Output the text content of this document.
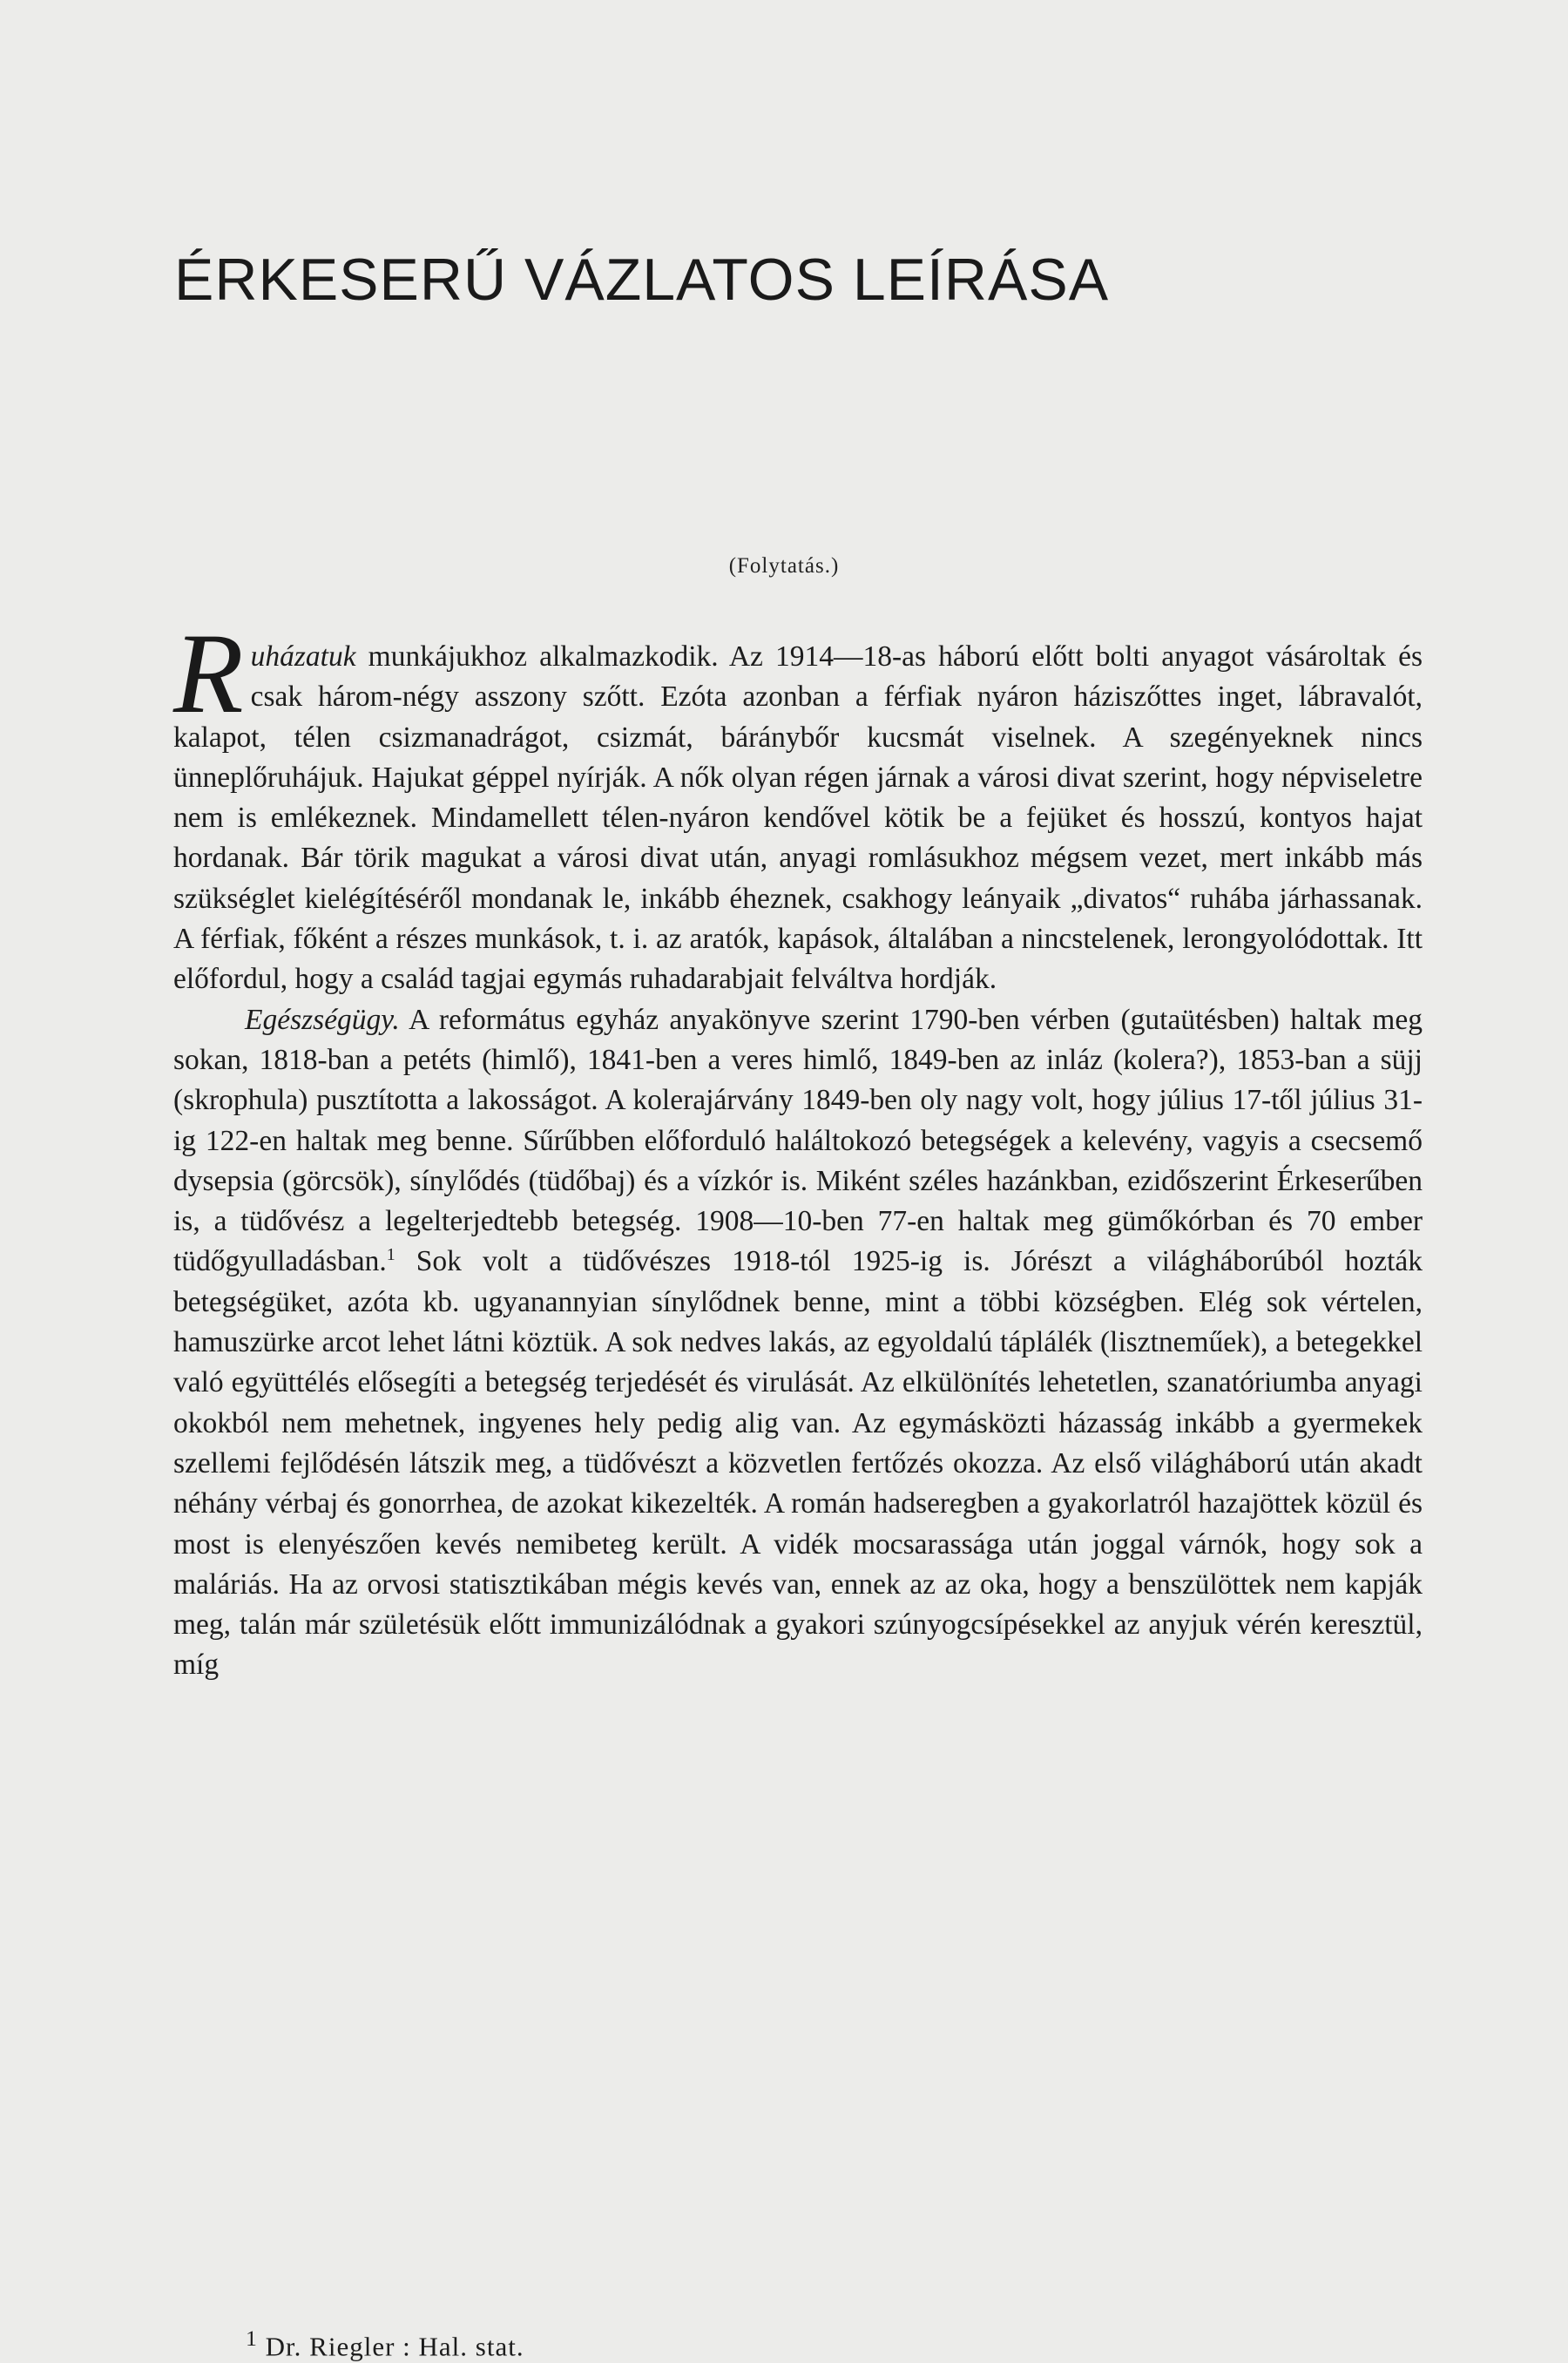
ÉRKESERŰ VÁZLATOS LEÍRÁSA
(Folytatás.)

Ruházatuk munkájukhoz alkalmazkodik. Az 1914—18-as háború előtt bolti anyagot vásároltak és csak három-négy asszony szőtt. Ezóta azonban a férfiak nyáron háziszőttes inget, lábravalót, kalapot, télen csizmanadrágot, csizmát, báránybőr kucsmát viselnek. A szegényeknek nincs ünneplőruhájuk. Hajukat géppel nyírják. A nők olyan régen járnak a városi divat szerint, hogy népviseletre nem is emlékeznek. Mindamellett télen-nyáron kendővel kötik be a fejüket és hosszú, kontyos hajat hordanak. Bár törik magukat a városi divat után, anyagi romlásukhoz mégsem vezet, mert inkább más szükséglet kielégítéséről mondanak le, inkább éheznek, csakhogy leányaik „divatos“ ruhába járhassanak. A férfiak, főként a részes munkások, t. i. az aratók, kapások, általában a nincstelenek, lerongyolódottak. Itt előfordul, hogy a család tagjai egymás ruhadarabjait felváltva hordják.

Egészségügy. A református egyház anyakönyve szerint 1790-ben vérben (gutaütésben) haltak meg sokan, 1818-ban a petéts (himlő), 1841-ben a veres himlő, 1849-ben az inláz (kolera?), 1853-ban a süjj (skrophula) pusztította a lakosságot. A kolerajárvány 1849-ben oly nagy volt, hogy július 17-től július 31-ig 122-en haltak meg benne. Sűrűbben előforduló haláltokozó betegségek a kelevény, vagyis a csecsemő dysepsia (görcsök), sínylődés (tüdőbaj) és a vízkór is. Miként széles hazánkban, ezidőszerint Érkeserűben is, a tüdővész a legelterjedtebb betegség. 1908—10-ben 77-en haltak meg gümőkórban és 70 ember tüdőgyulladásban.$^1$ Sok volt a tüdővészes 1918-tól 1925-ig is. Jórészt a világháborúból hozták betegségüket, azóta kb. ugyanannyian sínylődnek benne, mint a többi községben. Elég sok vértelen, hamuszürke arcot lehet látni köztük. A sok nedves lakás, az egyoldalú táplálék (lisztneműek), a betegekkel való együttélés elősegíti a betegség terjedését és virulását. Az elkülönítés lehetetlen, szanatóriumba anyagi okokból nem mehetnek, ingyenes hely pedig alig van. Az egymásközti házasság inkább a gyermekek szellemi fejlődésén látszik meg, a tüdővészt a közvetlen fertőzés okozza. Az első világháború után akadt néhány vérbaj és gonorrhea, de azokat kikezelték. A román hadseregben a gyakorlatról hazajöttek közül és most is elenyészően kevés nemibeteg került. A vidék mocsarassága után joggal várnók, hogy sok a maláriás. Ha az orvosi statisztikában mégis kevés van, ennek az az oka, hogy a benszülöttek nem kapják meg, talán már születésük előtt immunizálódnak a gyakori szúnyogcsípésekkel az anyjuk vérén keresztül, míg

$^1$ Dr. Riegler : Hal. stat.
